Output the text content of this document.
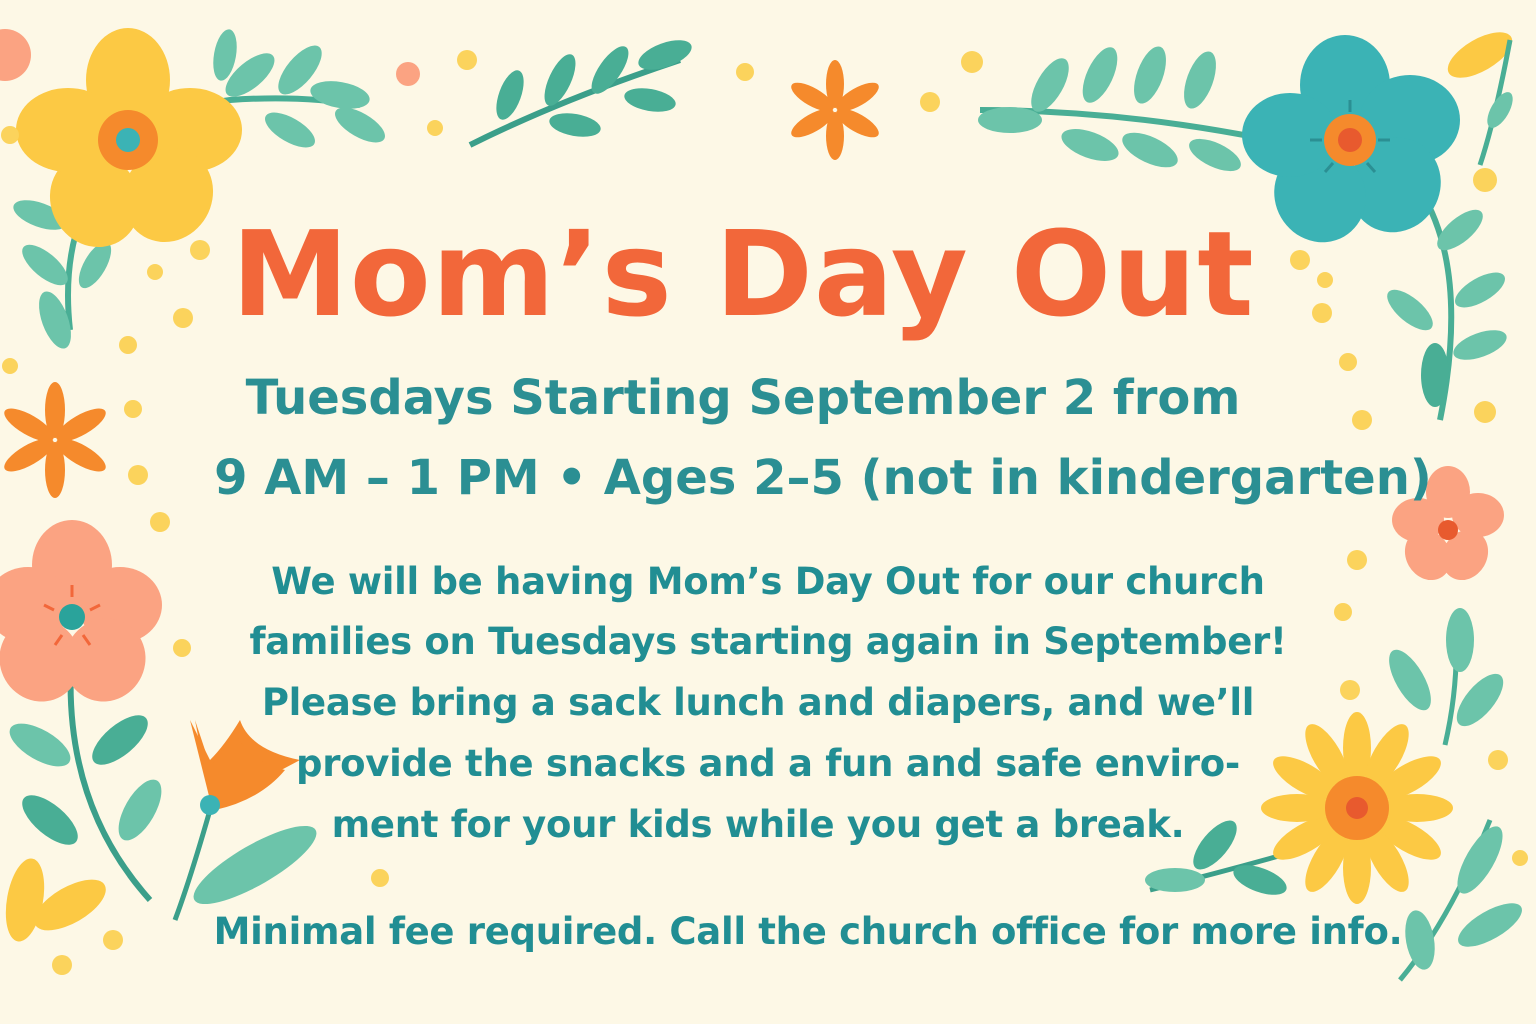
Mom’s Day Out

Tuesdays Starting September 2 from

9 AM – 1 PM • Ages 2–5 (not in kindergarten)

We will be having Mom’s Day Out for our church

families on Tuesdays starting again in September!

Please bring a sack lunch and diapers, and we’ll

provide the snacks and a fun and safe enviro-

ment for your kids while you get a break.

Minimal fee required. Call the church office for more info.
